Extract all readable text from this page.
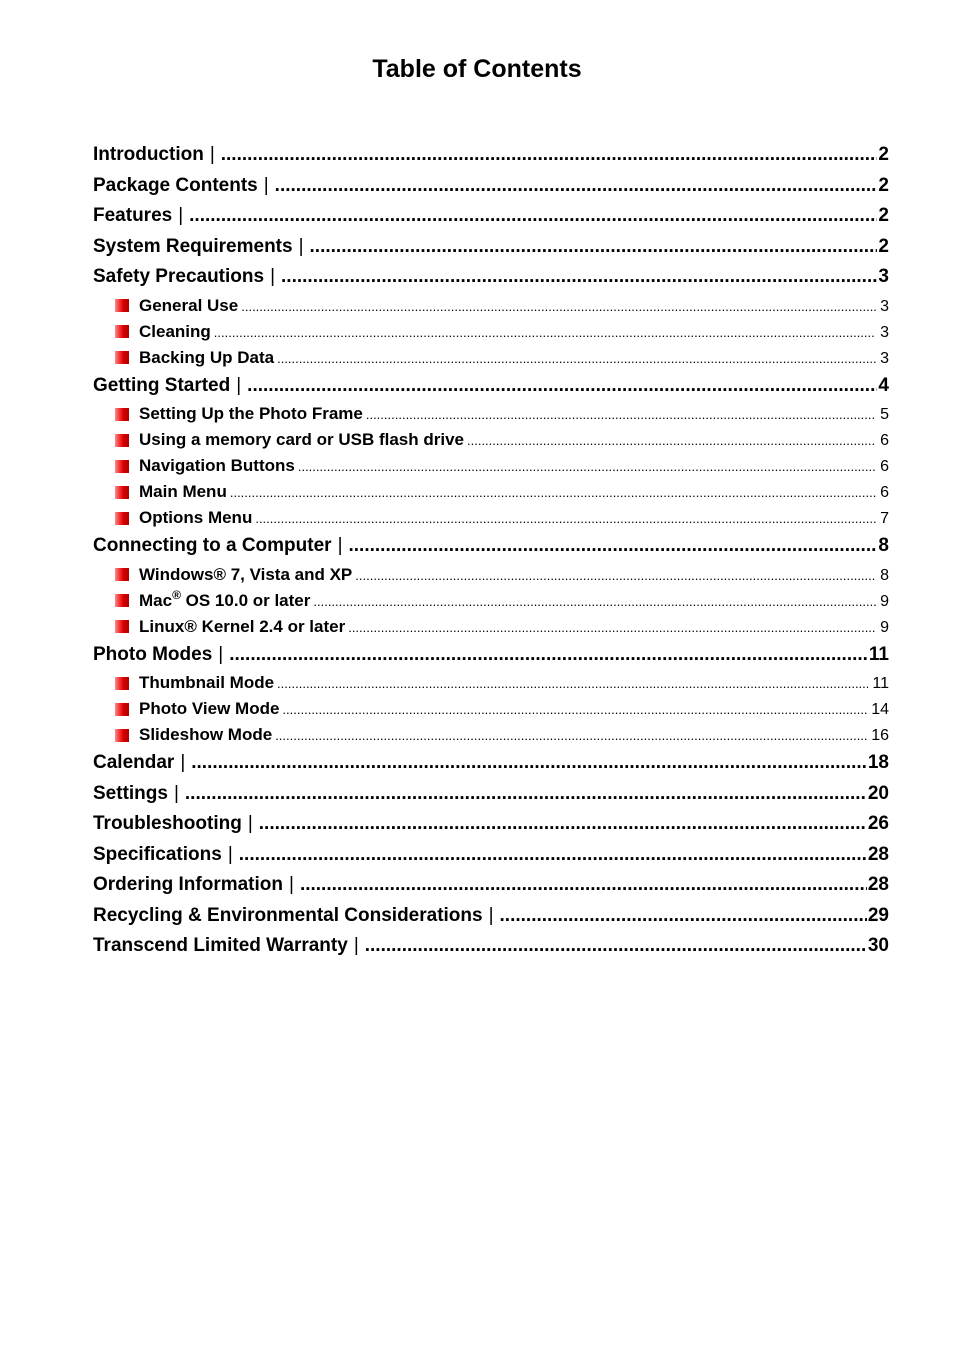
Table of Contents
Introduction | .....	2
Package Contents | .....	2
Features | .....	2
System Requirements | .....	2
Safety Precautions | .....	3
General Use .....	3
Cleaning .....	3
Backing Up Data .....	3
Getting Started | .....	4
Setting Up the Photo Frame .....	5
Using a memory card or USB flash drive .....	6
Navigation Buttons .....	6
Main Menu .....	6
Options Menu .....	7
Connecting to a Computer | .....	8
Windows® 7, Vista and XP .....	8
Mac® OS 10.0 or later .....	9
Linux® Kernel 2.4 or later .....	9
Photo Modes | .....	11
Thumbnail Mode .....	11
Photo View Mode .....	14
Slideshow Mode .....	16
Calendar | .....	18
Settings | .....	20
Troubleshooting | .....	26
Specifications | .....	28
Ordering Information | .....	28
Recycling & Environmental Considerations | .....	29
Transcend Limited Warranty | .....	30
